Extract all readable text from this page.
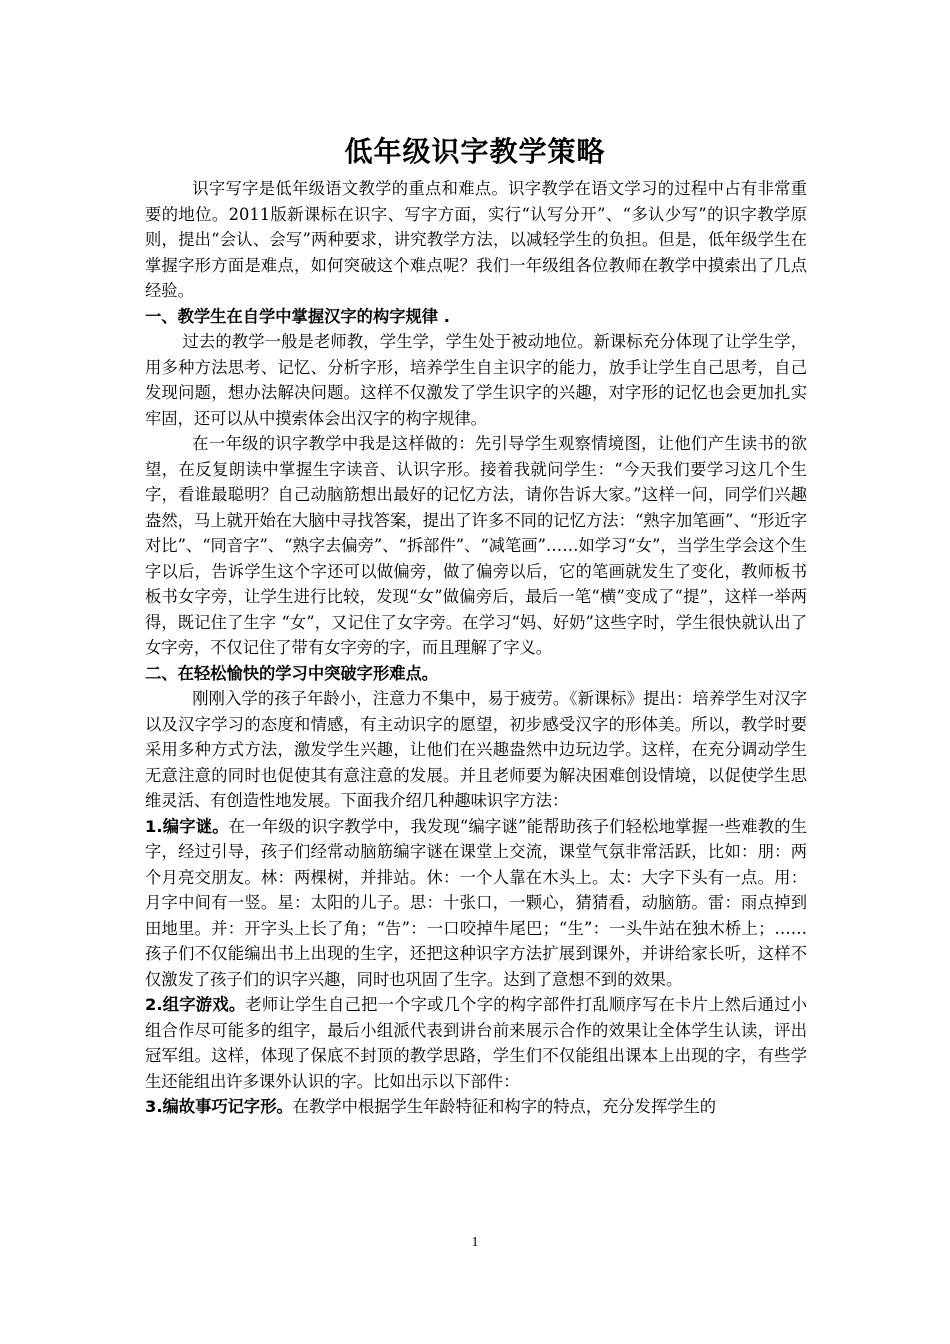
低年级识字教学策略

识字写字是低年级语文教学的重点和难点。识字教学在语文学习的过程中占有非常重要的地位。2011版新课标在识字、写字方面，实行“认写分开”、“多认少写”的识字教学原则，提出“会认、会写”两种要求，讲究教学方法，以减轻学生的负担。但是，低年级学生在掌握字形方面是难点，如何突破这个难点呢？我们一年级组各位教师在教学中摸索出了几点经验。

一、教学生在自学中掌握汉字的构字规律 .

过去的教学一般是老师教，学生学，学生处于被动地位。新课标充分体现了让学生学，用多种方法思考、记忆、分析字形，培养学生自主识字的能力，放手让学生自己思考，自己发现问题，想办法解决问题。这样不仅激发了学生识字的兴趣，对字形的记忆也会更加扎实牢固，还可以从中摸索体会出汉字的构字规律。

在一年级的识字教学中我是这样做的：先引导学生观察情境图，让他们产生读书的欲望，在反复朗读中掌握生字读音、认识字形。接着我就问学生：“今天我们要学习这几个生字，看谁最聪明？自己动脑筋想出最好的记忆方法，请你告诉大家。”这样一问，同学们兴趣盎然，马上就开始在大脑中寻找答案，提出了许多不同的记忆方法：“熟字加笔画”、“形近字对比”、“同音字”、“熟字去偏旁”、“拆部件”、“减笔画”……如学习“女”，当学生学会这个生字以后，告诉学生这个字还可以做偏旁，做了偏旁以后，它的笔画就发生了变化，教师板书板书女字旁，让学生进行比较，发现“女”做偏旁后，最后一笔“横”变成了“提”，这样一举两得，既记住了生字 “女”，又记住了女字旁。在学习“妈、好奶”这些字时，学生很快就认出了女字旁，不仅记住了带有女字旁的字，而且理解了字义。

二、在轻松愉快的学习中突破字形难点。

刚刚入学的孩子年龄小，注意力不集中，易于疲劳。《新课标》提出：培养学生对汉字以及汉字学习的态度和情感，有主动识字的愿望，初步感受汉字的形体美。所以，教学时要采用多种方式方法，激发学生兴趣，让他们在兴趣盎然中边玩边学。这样，在充分调动学生无意注意的同时也促使其有意注意的发展。并且老师要为解决困难创设情境，以促使学生思维灵活、有创造性地发展。下面我介绍几种趣味识字方法：

1.编字谜。在一年级的识字教学中，我发现“编字谜”能帮助孩子们轻松地掌握一些难教的生字，经过引导，孩子们经常动脑筋编字谜在课堂上交流，课堂气氛非常活跃，比如：朋：两个月亮交朋友。林：两棵树，并排站。休：一个人靠在木头上。太：大字下头有一点。用：月字中间有一竖。星：太阳的儿子。思：十张口，一颗心，猜猜看，动脑筋。雷：雨点掉到田地里。并：开字头上长了角；“告”：一口咬掉牛尾巴；“生”：一头牛站在独木桥上；……孩子们不仅能编出书上出现的生字，还把这种识字方法扩展到课外，并讲给家长听，这样不仅激发了孩子们的识字兴趣，同时也巩固了生字。达到了意想不到的效果。

2.组字游戏。老师让学生自己把一个字或几个字的构字部件打乱顺序写在卡片上然后通过小组合作尽可能多的组字，最后小组派代表到讲台前来展示合作的效果让全体学生认读，评出冠军组。这样，体现了保底不封顶的教学思路，学生们不仅能组出课本上出现的字，有些学生还能组出许多课外认识的字。比如出示以下部件：

3.编故事巧记字形。在教学中根据学生年龄特征和构字的特点，充分发挥学生的

1
